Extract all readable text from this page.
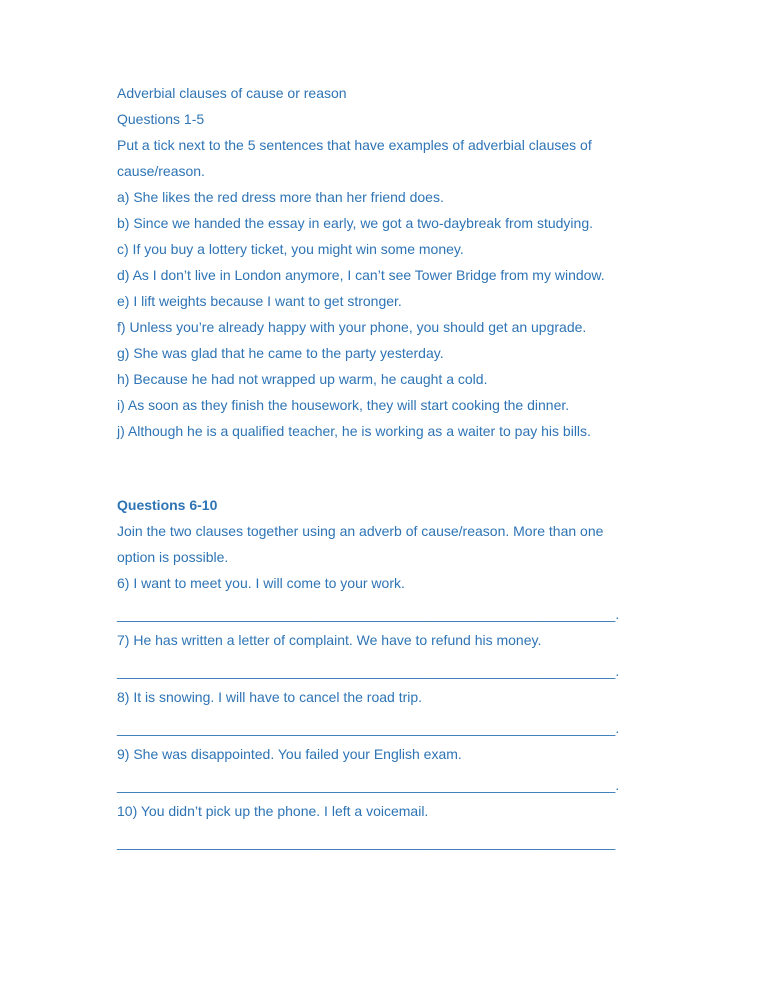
Adverbial clauses of cause or reason

Questions 1-5

Put a tick next to the 5 sentences that have examples of adverbial clauses of cause/reason.

a) She likes the red dress more than her friend does.

b) Since we handed the essay in early, we got a two-daybreak from studying.

c) If you buy a lottery ticket, you might win some money.

d) As I don’t live in London anymore, I can’t see Tower Bridge from my window.

e) I lift weights because I want to get stronger.

f) Unless you’re already happy with your phone, you should get an upgrade.

g) She was glad that he came to the party yesterday.

h) Because he had not wrapped up warm, he caught a cold.

i) As soon as they finish the housework, they will start cooking the dinner.

j) Although he is a qualified teacher, he is working as a waiter to pay his bills.

Questions 6-10

Join the two clauses together using an adverb of cause/reason. More than one option is possible.

6) I want to meet you. I will come to your work.

________________________________________________________________.

7) He has written a letter of complaint. We have to refund his money.

________________________________________________________________.

8) It is snowing. I will have to cancel the road trip.

________________________________________________________________.

9) She was disappointed. You failed your English exam.

________________________________________________________________.

10) You didn’t pick up the phone. I left a voicemail.

________________________________________________________________
